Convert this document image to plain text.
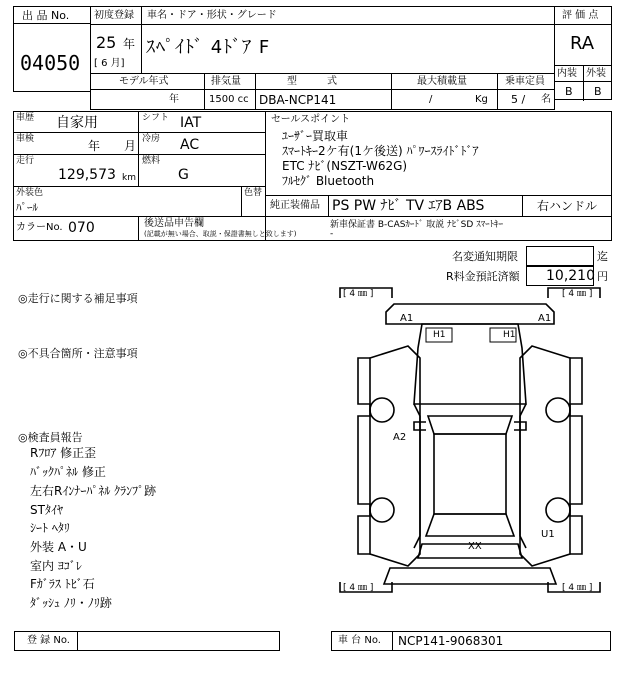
出 品 No.
04050
初度登録
25 年
[ 6 月]
車名・ドア・形状・グレード
ｽﾍﾟｲﾄﾞ 4ﾄﾞｱ F
評 価 点
RA
内装 外装
B B
モデル年式
年
排気量
1500 cc
型　　　式
DBA-NCP141
最大積載量
/	Kg
乗車定員
5 / 名
車歴 自家用	シフト IAT
車検	年 月 冷房 AC
走行
129,573 km
燃料
G
外装色
ﾊﾟｰﾙ
色替
カラーNo. 070	後送品申告欄
(記載が無い場合、取説・保證書無しと致します)
セールスポイント
ﾕｰｻﾞｰ買取車
ｽﾏｰﾄｷｰ2ケ有(1ケ後送) ﾊﾟﾜｰｽﾗｲﾄﾞﾄﾞｱ
ETC ﾅﾋﾞ(NSZT-W62G)
ﾌﾙｾｸﾞ Bluetooth
純正装備品 PS PW ﾅﾋﾞ TV ｴｱB ABS	右ハンドル
新車保証書 B-CASｶｰﾄﾞ 取説 ﾅﾋﾞSD ｽﾏｰﾄｷｰ
-
名変通知期限	迄
R料金預託済額 10,210 円
◎走行に関する補足事項
◎不具合箇所・注意事項
◎検査員報告
Rﾌﾛｱ 修正歪
ﾊﾞｯｸﾊﾟﾈﾙ 修正
左右Rｲﾝﾅｰﾊﾟﾈﾙ ｸﾗﾝﾌﾟ跡
STﾀｲﾔ
ｼｰﾄ ﾍﾀﾘ
外装 A・U
室内 ﾖｺﾞﾚ
Fｶﾞﾗｽ ﾄﾋﾞ石
ﾀﾞｯｼｭ ﾉﾘ・ﾉﾘ跡
[ 4 ㎜ ]	[ 4 ㎜ ]
[ 4 ㎜ ]	[ 4 ㎜ ]
A1	A1
H1	H1
A2
U1
XX
登 録 No.	車 台 No. NCP141-9068301
